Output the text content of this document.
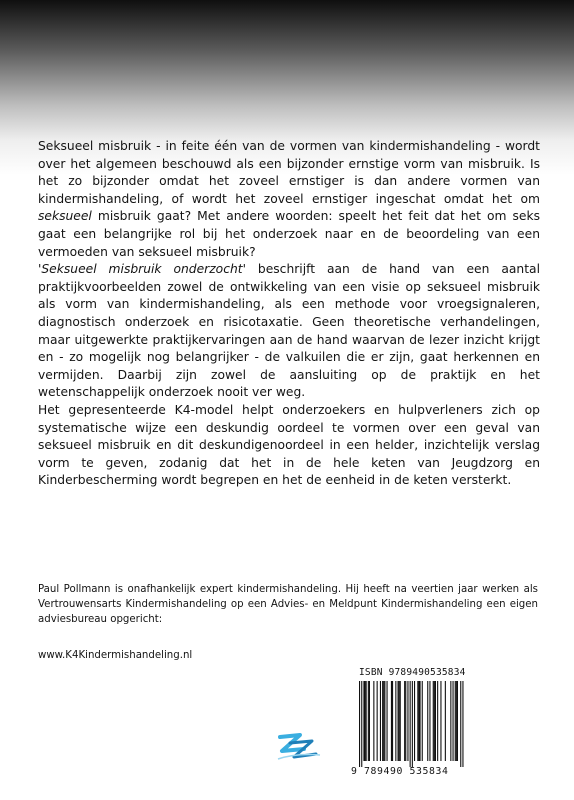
Seksueel misbruik - in feite één van de vormen van kindermishandeling - wordt over het algemeen beschouwd als een bijzonder ernstige vorm van misbruik. Is het zo bijzonder omdat het zoveel ernstiger is dan andere vormen van kindermishandeling, of wordt het zoveel ernstiger ingeschat omdat het om seksueel misbruik gaat? Met andere woorden: speelt het feit dat het om seks gaat een belangrijke rol bij het onderzoek naar en de beoordeling van een vermoeden van seksueel misbruik?

'Seksueel misbruik onderzocht' beschrijft aan de hand van een aantal praktijkvoorbeelden zowel de ontwikkeling van een visie op seksueel misbruik als vorm van kindermishandeling, als een methode voor vroegsignaleren, diagnostisch onderzoek en risicotaxatie. Geen theoretische verhandelingen, maar uitgewerkte praktijkervaringen aan de hand waarvan de lezer inzicht krijgt en - zo mogelijk nog belangrijker - de valkuilen die er zijn, gaat herkennen en vermijden. Daarbij zijn zowel de aansluiting op de praktijk en het wetenschappelijk onderzoek nooit ver weg.

Het gepresenteerde K4-model helpt onderzoekers en hulpverleners zich op systematische wijze een deskundig oordeel te vormen over een geval van seksueel misbruik en dit deskundigenoordeel in een helder, inzichtelijk verslag vorm te geven, zodanig dat het in de hele keten van Jeugdzorg en Kinderbescherming wordt begrepen en het de eenheid in de keten versterkt.

Paul Pollmann is onafhankelijk expert kindermishandeling. Hij heeft na veertien jaar werken als Vertrouwensarts Kindermishandeling op een Advies- en Meldpunt Kindermishandeling een eigen adviesbureau opgericht:

www.K4Kindermishandeling.nl
ISBN 9789490535834
9 789490 535834
